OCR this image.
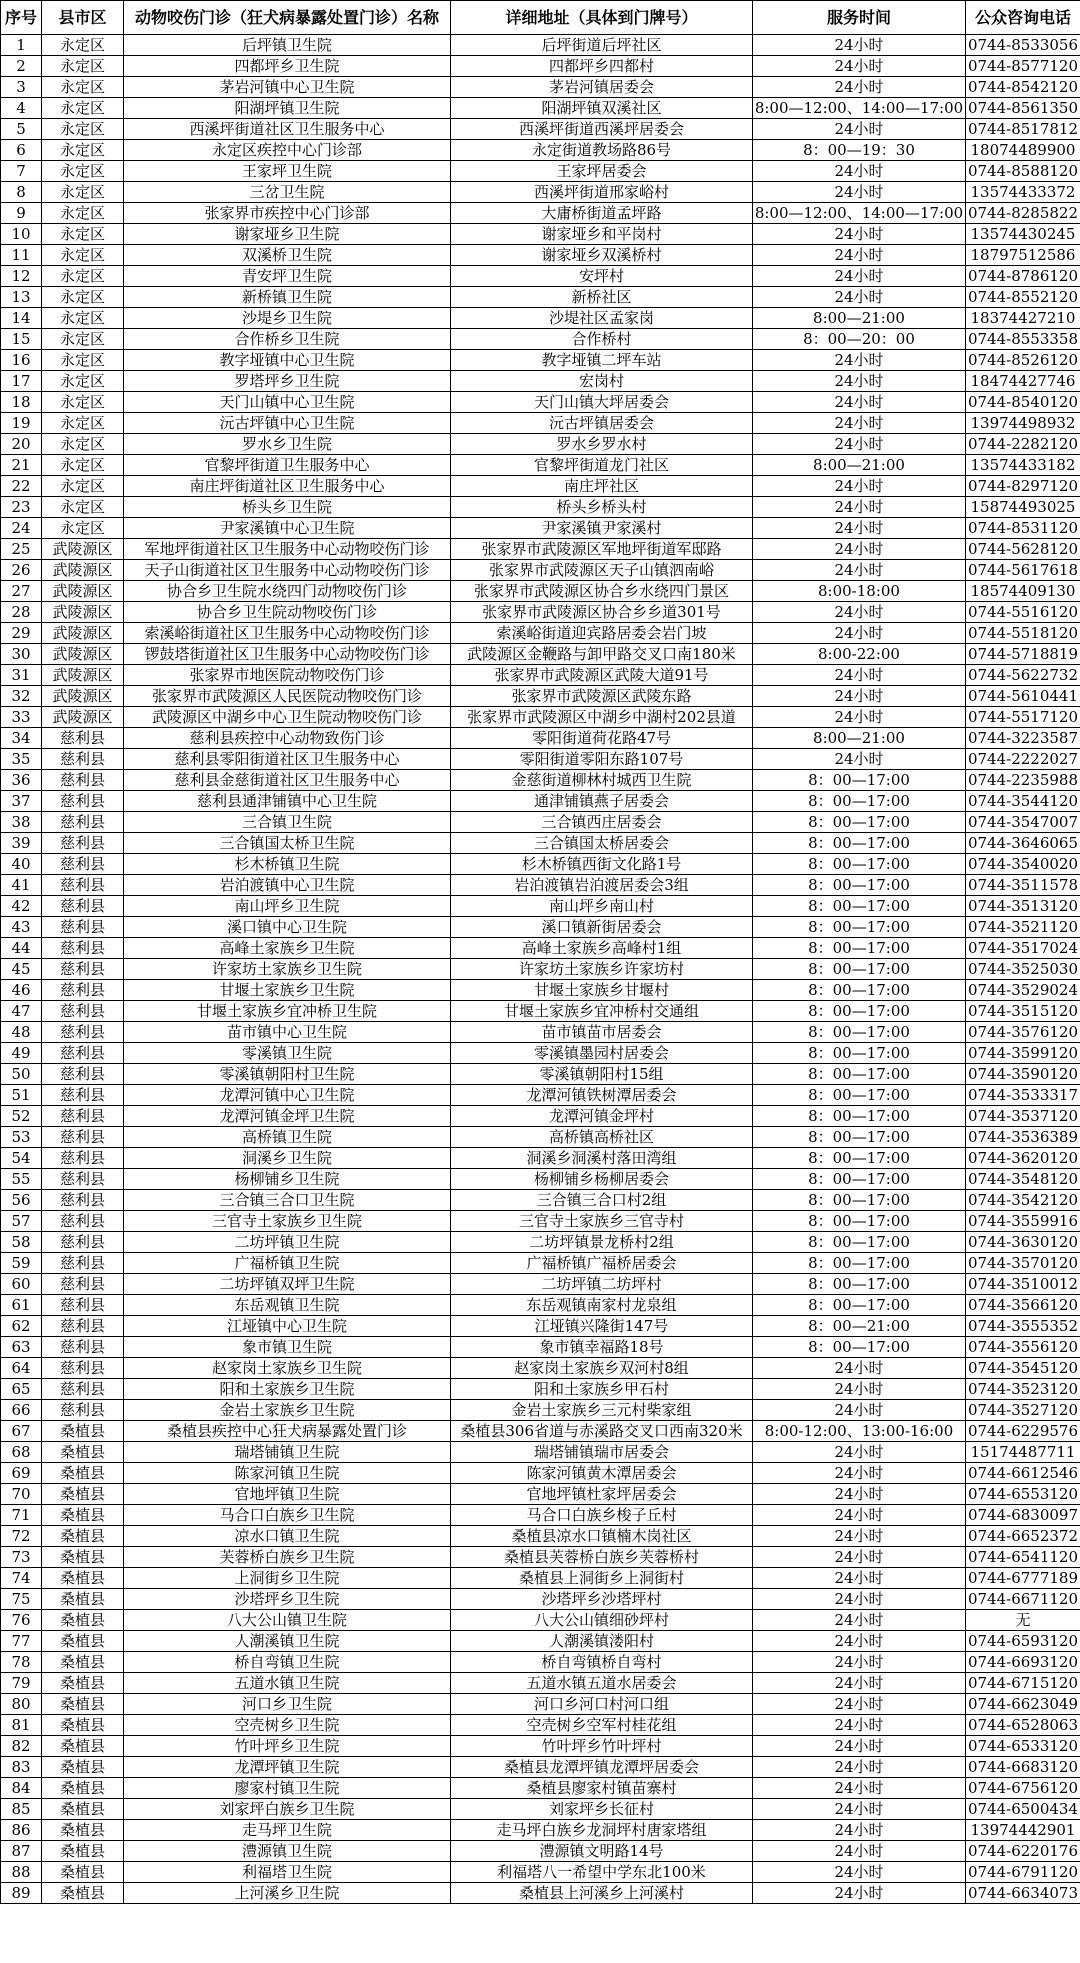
序号	县市区	动物咬伤门诊（狂犬病暴露处置门诊）名称	详细地址（具体到门牌号）	服务时间	公众咨询电话
1	永定区	后坪镇卫生院	后坪街道后坪社区	24小时	0744-8533056
2	永定区	四都坪乡卫生院	四都坪乡四都村	24小时	0744-8577120
3	永定区	茅岩河镇中心卫生院	茅岩河镇居委会	24小时	0744-8542120
4	永定区	阳湖坪镇卫生院	阳湖坪镇双溪社区	8:00—12:00、14:00—17:00	0744-8561350
5	永定区	西溪坪街道社区卫生服务中心	西溪坪街道西溪坪居委会	24小时	0744-8517812
6	永定区	永定区疾控中心门诊部	永定街道教场路86号	8：00—19：30	18074489900
7	永定区	王家坪卫生院	王家坪居委会	24小时	0744-8588120
8	永定区	三岔卫生院	西溪坪街道邢家峪村	24小时	13574433372
9	永定区	张家界市疾控中心门诊部	大庸桥街道孟坪路	8:00—12:00、14:00—17:00	0744-8285822
10	永定区	谢家垭乡卫生院	谢家垭乡和平岗村	24小时	13574430245
11	永定区	双溪桥卫生院	谢家垭乡双溪桥村	24小时	18797512586
12	永定区	青安坪卫生院	安坪村	24小时	0744-8786120
13	永定区	新桥镇卫生院	新桥社区	24小时	0744-8552120
14	永定区	沙堤乡卫生院	沙堤社区孟家岗	8:00—21:00	18374427210
15	永定区	合作桥乡卫生院	合作桥村	8：00—20：00	0744-8553358
16	永定区	教字垭镇中心卫生院	教字垭镇二坪车站	24小时	0744-8526120
17	永定区	罗塔坪乡卫生院	宏岗村	24小时	18474427746
18	永定区	天门山镇中心卫生院	天门山镇大坪居委会	24小时	0744-8540120
19	永定区	沅古坪镇中心卫生院	沅古坪镇居委会	24小时	13974498932
20	永定区	罗水乡卫生院	罗水乡罗水村	24小时	0744-2282120
21	永定区	官黎坪街道卫生服务中心	官黎坪街道龙门社区	8:00—21:00	13574433182
22	永定区	南庄坪街道社区卫生服务中心	南庄坪社区	24小时	0744-8297120
23	永定区	桥头乡卫生院	桥头乡桥头村	24小时	15874493025
24	永定区	尹家溪镇中心卫生院	尹家溪镇尹家溪村	24小时	0744-8531120
25	武陵源区	军地坪街道社区卫生服务中心动物咬伤门诊	张家界市武陵源区军地坪街道军邸路	24小时	0744-5628120
26	武陵源区	天子山街道社区卫生服务中心动物咬伤门诊	张家界市武陵源区天子山镇泗南峪	24小时	0744-5617618
27	武陵源区	协合乡卫生院水绕四门动物咬伤门诊	张家界市武陵源区协合乡水绕四门景区	8:00-18:00	18574409130
28	武陵源区	协合乡卫生院动物咬伤门诊	张家界市武陵源区协合乡乡道301号	24小时	0744-5516120
29	武陵源区	索溪峪街道社区卫生服务中心动物咬伤门诊	索溪峪街道迎宾路居委会岩门坡	24小时	0744-5518120
30	武陵源区	锣鼓塔街道社区卫生服务中心动物咬伤门诊	武陵源区金鞭路与卸甲路交叉口南180米	8:00-22:00	0744-5718819
31	武陵源区	张家界市地医院动物咬伤门诊	张家界市武陵源区武陵大道91号	24小时	0744-5622732
32	武陵源区	张家界市武陵源区人民医院动物咬伤门诊	张家界市武陵源区武陵东路	24小时	0744-5610441
33	武陵源区	武陵源区中湖乡中心卫生院动物咬伤门诊	张家界市武陵源区中湖乡中湖村202县道	24小时	0744-5517120
34	慈利县	慈利县疾控中心动物致伤门诊	零阳街道荷花路47号	8:00—21:00	0744-3223587
35	慈利县	慈利县零阳街道社区卫生服务中心	零阳街道零阳东路107号	24小时	0744-2222027
36	慈利县	慈利县金慈街道社区卫生服务中心	金慈街道柳林村城西卫生院	8：00—17:00	0744-2235988
37	慈利县	慈利县通津铺镇中心卫生院	通津铺镇燕子居委会	8：00—17:00	0744-3544120
38	慈利县	三合镇卫生院	三合镇西庄居委会	8：00—17:00	0744-3547007
39	慈利县	三合镇国太桥卫生院	三合镇国太桥居委会	8：00—17:00	0744-3646065
40	慈利县	杉木桥镇卫生院	杉木桥镇西街文化路1号	8：00—17:00	0744-3540020
41	慈利县	岩泊渡镇中心卫生院	岩泊渡镇岩泊渡居委会3组	8：00—17:00	0744-3511578
42	慈利县	南山坪乡卫生院	南山坪乡南山村	8：00—17:00	0744-3513120
43	慈利县	溪口镇中心卫生院	溪口镇新街居委会	8：00—17:00	0744-3521120
44	慈利县	高峰土家族乡卫生院	高峰土家族乡高峰村1组	8：00—17:00	0744-3517024
45	慈利县	许家坊土家族乡卫生院	许家坊土家族乡许家坊村	8：00—17:00	0744-3525030
46	慈利县	甘堰土家族乡卫生院	甘堰土家族乡甘堰村	8：00—17:00	0744-3529024
47	慈利县	甘堰土家族乡宜冲桥卫生院	甘堰土家族乡宜冲桥村交通组	8：00—17:00	0744-3515120
48	慈利县	苗市镇中心卫生院	苗市镇苗市居委会	8：00—17:00	0744-3576120
49	慈利县	零溪镇卫生院	零溪镇墨园村居委会	8：00—17:00	0744-3599120
50	慈利县	零溪镇朝阳村卫生院	零溪镇朝阳村15组	8：00—17:00	0744-3590120
51	慈利县	龙潭河镇中心卫生院	龙潭河镇铁树潭居委会	8：00—17:00	0744-3533317
52	慈利县	龙潭河镇金坪卫生院	龙潭河镇金坪村	8：00—17:00	0744-3537120
53	慈利县	高桥镇卫生院	高桥镇高桥社区	8：00—17:00	0744-3536389
54	慈利县	洞溪乡卫生院	洞溪乡洞溪村落田湾组	8：00—17:00	0744-3620120
55	慈利县	杨柳铺乡卫生院	杨柳铺乡杨柳居委会	8：00—17:00	0744-3548120
56	慈利县	三合镇三合口卫生院	三合镇三合口村2组	8：00—17:00	0744-3542120
57	慈利县	三官寺土家族乡卫生院	三官寺土家族乡三官寺村	8：00—17:00	0744-3559916
58	慈利县	二坊坪镇卫生院	二坊坪镇景龙桥村2组	8：00—17:00	0744-3630120
59	慈利县	广福桥镇卫生院	广福桥镇广福桥居委会	8：00—17:00	0744-3570120
60	慈利县	二坊坪镇双坪卫生院	二坊坪镇二坊坪村	8：00—17:00	0744-3510012
61	慈利县	东岳观镇卫生院	东岳观镇南家村龙泉组	8：00—17:00	0744-3566120
62	慈利县	江垭镇中心卫生院	江垭镇兴隆街147号	8：00—21:00	0744-3555352
63	慈利县	象市镇卫生院	象市镇幸福路18号	8：00—17:00	0744-3556120
64	慈利县	赵家岗土家族乡卫生院	赵家岗土家族乡双河村8组	24小时	0744-3545120
65	慈利县	阳和土家族乡卫生院	阳和土家族乡甲石村	24小时	0744-3523120
66	慈利县	金岩土家族乡卫生院	金岩土家族乡三元村柴家组	24小时	0744-3527120
67	桑植县	桑植县疾控中心狂犬病暴露处置门诊	桑植县306省道与赤溪路交叉口西南320米	8:00-12:00、13:00-16:00	0744-6229576
68	桑植县	瑞塔铺镇卫生院	瑞塔铺镇瑞市居委会	24小时	15174487711
69	桑植县	陈家河镇卫生院	陈家河镇黄木潭居委会	24小时	0744-6612546
70	桑植县	官地坪镇卫生院	官地坪镇杜家坪居委会	24小时	0744-6553120
71	桑植县	马合口白族乡卫生院	马合口白族乡梭子丘村	24小时	0744-6830097
72	桑植县	凉水口镇卫生院	桑植县凉水口镇楠木岗社区	24小时	0744-6652372
73	桑植县	芙蓉桥白族乡卫生院	桑植县芙蓉桥白族乡芙蓉桥村	24小时	0744-6541120
74	桑植县	上洞街乡卫生院	桑植县上洞街乡上洞街村	24小时	0744-6777189
75	桑植县	沙塔坪乡卫生院	沙塔坪乡沙塔坪村	24小时	0744-6671120
76	桑植县	八大公山镇卫生院	八大公山镇细砂坪村	24小时	无
77	桑植县	人潮溪镇卫生院	人潮溪镇溇阳村	24小时	0744-6593120
78	桑植县	桥自弯镇卫生院	桥自弯镇桥自弯村	24小时	0744-6693120
79	桑植县	五道水镇卫生院	五道水镇五道水居委会	24小时	0744-6715120
80	桑植县	河口乡卫生院	河口乡河口村河口组	24小时	0744-6623049
81	桑植县	空壳树乡卫生院	空壳树乡空军村桂花组	24小时	0744-6528063
82	桑植县	竹叶坪乡卫生院	竹叶坪乡竹叶坪村	24小时	0744-6533120
83	桑植县	龙潭坪镇卫生院	桑植县龙潭坪镇龙潭坪居委会	24小时	0744-6683120
84	桑植县	廖家村镇卫生院	桑植县廖家村镇苗寨村	24小时	0744-6756120
85	桑植县	刘家坪白族乡卫生院	刘家坪乡长征村	24小时	0744-6500434
86	桑植县	走马坪卫生院	走马坪白族乡龙洞坪村唐家塔组	24小时	13974442901
87	桑植县	澧源镇卫生院	澧源镇文明路14号	24小时	0744-6220176
88	桑植县	利福塔卫生院	利福塔八一希望中学东北100米	24小时	0744-6791120
89	桑植县	上河溪乡卫生院	桑植县上河溪乡上河溪村	24小时	0744-6634073
